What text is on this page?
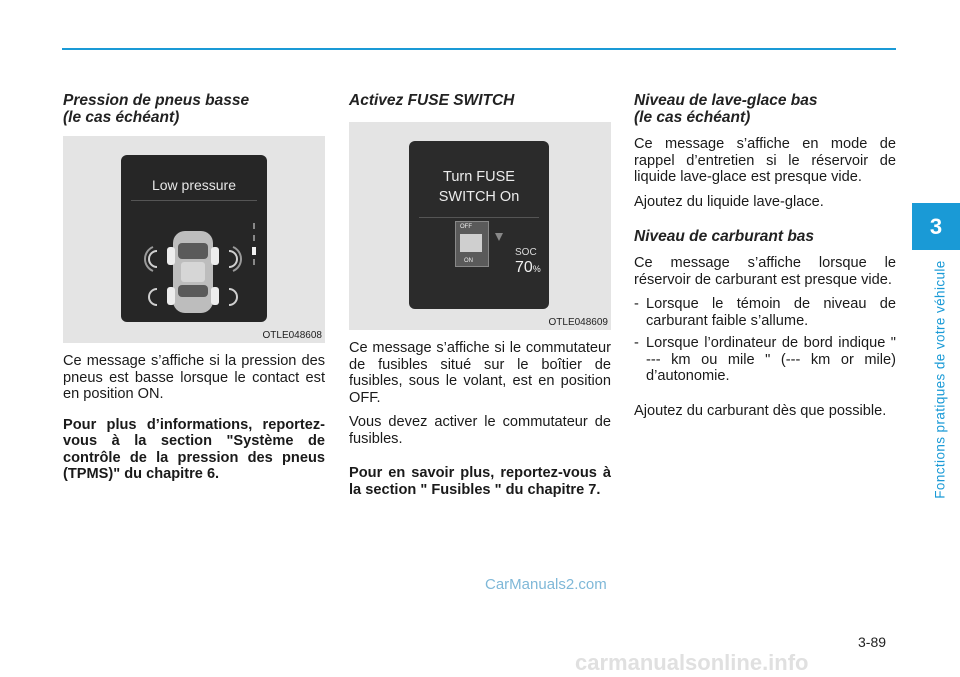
3
Fonctions pratiques de votre véhicule
Pression de pneus basse
(le cas échéant)
Low pressure
OTLE048608

Ce message s’affiche si la pression des pneus est basse lorsque le contact est en position ON.

Pour plus d’informations, reportez-vous à la section "Système de contrôle de la pression des pneus (TPMS)" du chapitre 6.

Activez FUSE SWITCH
Turn FUSE
SWITCH On
OFF
ON
SOC
70%
OTLE048609

Ce message s’affiche si le commutateur de fusibles situé sur le boîtier de fusibles, sous le volant, est en position OFF.

Vous devez activer le commutateur de fusibles.

Pour en savoir plus, reportez-vous à la section " Fusibles " du chapitre 7.

Niveau de lave-glace bas
(le cas échéant)

Ce message s’affiche en mode de rappel d’entretien si le réservoir de liquide lave-glace est presque vide.

Ajoutez du liquide lave-glace.

Niveau de carburant bas

Ce message s’affiche lorsque le réservoir de carburant est presque vide.

- Lorsque le témoin de niveau de carburant faible s’allume.
- Lorsque l’ordinateur de bord indique " --- km ou mile " (--- km or mile) d’autonomie.

Ajoutez du carburant dès que possible.

CarManuals2.com
3-89
carmanualsonline.info
